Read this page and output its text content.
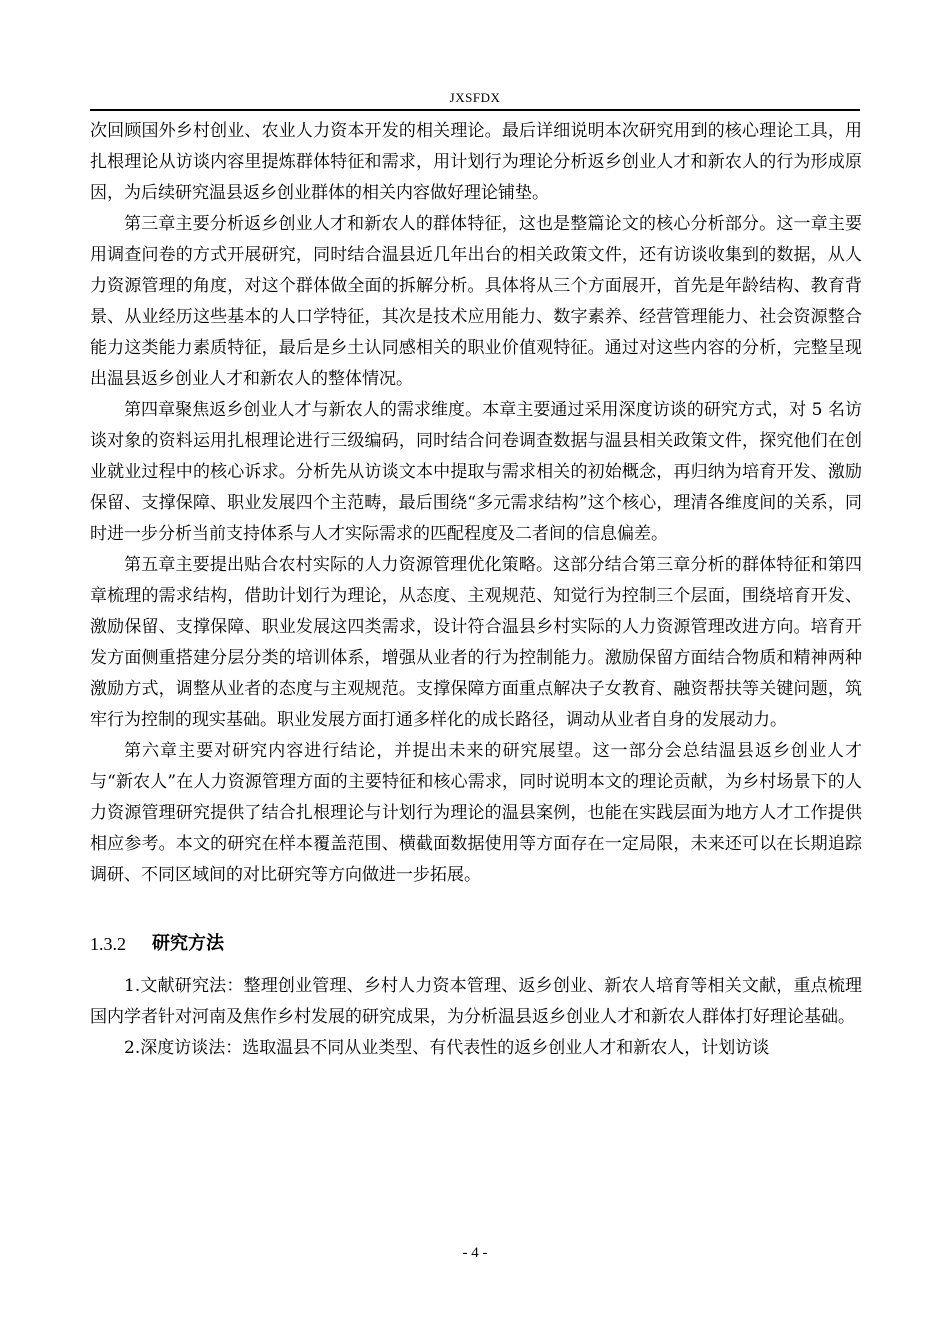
JXSFDX

次回顾国外乡村创业、农业人力资本开发的相关理论。最后详细说明本次研究用到的核心理论工具，用扎根理论从访谈内容里提炼群体特征和需求，用计划行为理论分析返乡创业人才和新农人的行为形成原因，为后续研究温县返乡创业群体的相关内容做好理论铺垫。

第三章主要分析返乡创业人才和新农人的群体特征，这也是整篇论文的核心分析部分。这一章主要用调查问卷的方式开展研究，同时结合温县近几年出台的相关政策文件，还有访谈收集到的数据，从人力资源管理的角度，对这个群体做全面的拆解分析。具体将从三个方面展开，首先是年龄结构、教育背景、从业经历这些基本的人口学特征，其次是技术应用能力、数字素养、经营管理能力、社会资源整合能力这类能力素质特征，最后是乡土认同感相关的职业价值观特征。通过对这些内容的分析，完整呈现出温县返乡创业人才和新农人的整体情况。

第四章聚焦返乡创业人才与新农人的需求维度。本章主要通过采用深度访谈的研究方式，对 5 名访谈对象的资料运用扎根理论进行三级编码，同时结合问卷调查数据与温县相关政策文件，探究他们在创业就业过程中的核心诉求。分析先从访谈文本中提取与需求相关的初始概念，再归纳为培育开发、激励保留、支撑保障、职业发展四个主范畴，最后围绕“多元需求结构”这个核心，理清各维度间的关系，同时进一步分析当前支持体系与人才实际需求的匹配程度及二者间的信息偏差。

第五章主要提出贴合农村实际的人力资源管理优化策略。这部分结合第三章分析的群体特征和第四章梳理的需求结构，借助计划行为理论，从态度、主观规范、知觉行为控制三个层面，围绕培育开发、激励保留、支撑保障、职业发展这四类需求，设计符合温县乡村实际的人力资源管理改进方向。培育开发方面侧重搭建分层分类的培训体系，增强从业者的行为控制能力。激励保留方面结合物质和精神两种激励方式，调整从业者的态度与主观规范。支撑保障方面重点解决子女教育、融资帮扶等关键问题，筑牢行为控制的现实基础。职业发展方面打通多样化的成长路径，调动从业者自身的发展动力。

第六章主要对研究内容进行结论，并提出未来的研究展望。这一部分会总结温县返乡创业人才与“新农人”在人力资源管理方面的主要特征和核心需求，同时说明本文的理论贡献，为乡村场景下的人力资源管理研究提供了结合扎根理论与计划行为理论的温县案例，也能在实践层面为地方人才工作提供相应参考。本文的研究在样本覆盖范围、横截面数据使用等方面存在一定局限，未来还可以在长期追踪调研、不同区域间的对比研究等方向做进一步拓展。

1.3.2 研究方法

1.文献研究法：整理创业管理、乡村人力资本管理、返乡创业、新农人培育等相关文献，重点梳理国内学者针对河南及焦作乡村发展的研究成果，为分析温县返乡创业人才和新农人群体打好理论基础。

2.深度访谈法：选取温县不同从业类型、有代表性的返乡创业人才和新农人，计划访谈

- 4 -
